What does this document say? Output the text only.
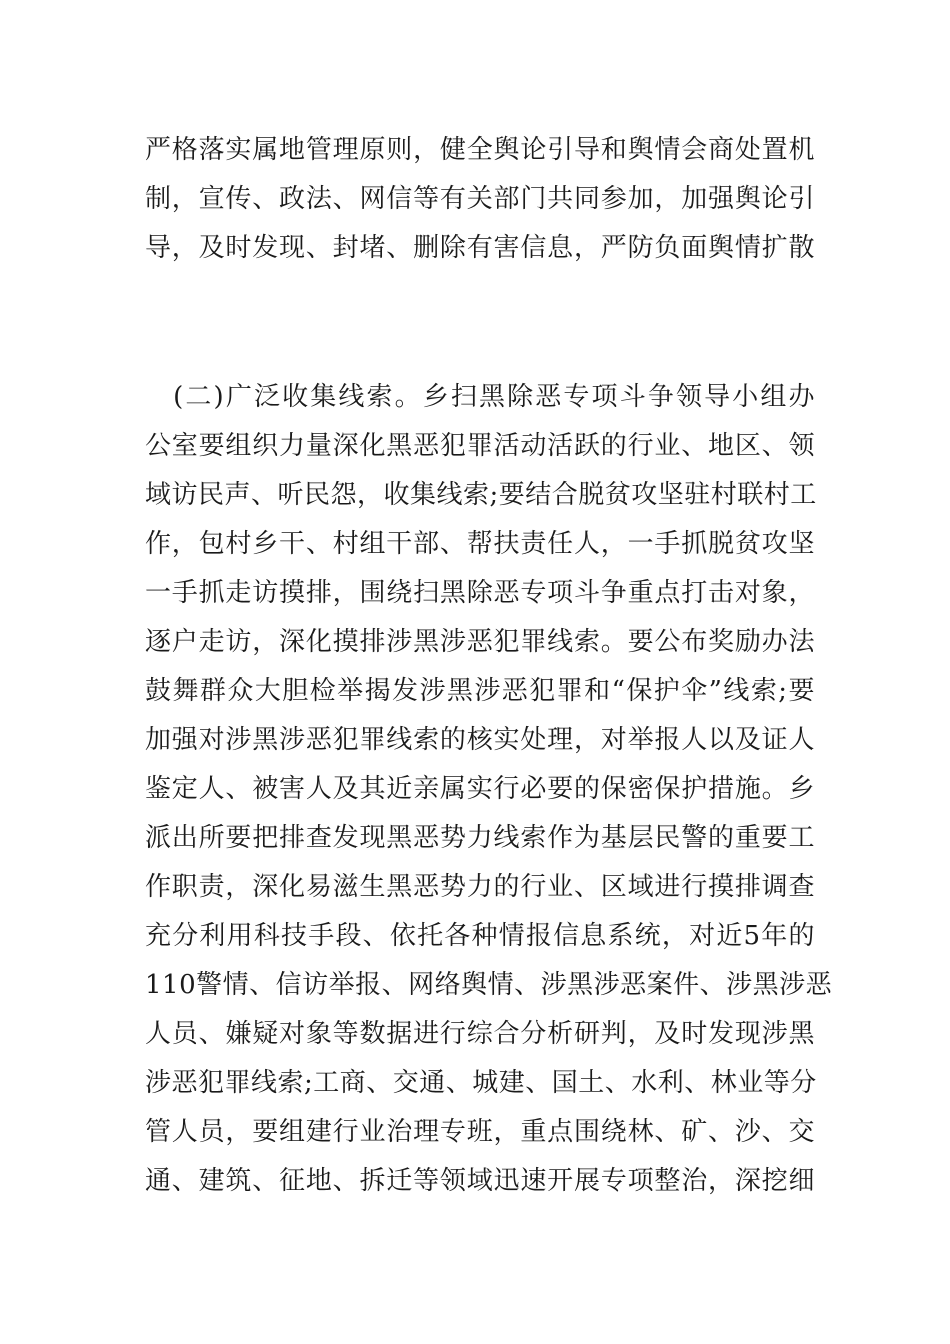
严格落实属地管理原则，健全舆论引导和舆情会商处置机
制，宣传、政法、网信等有关部门共同参加，加强舆论引
导，及时发现、封堵、删除有害信息，严防负面舆情扩散
　(二)广泛收集线索。乡扫黑除恶专项斗争领导小组办
公室要组织力量深化黑恶犯罪活动活跃的行业、地区、领
域访民声、听民怨，收集线索;要结合脱贫攻坚驻村联村工
作，包村乡干、村组干部、帮扶责任人，一手抓脱贫攻坚
一手抓走访摸排，围绕扫黑除恶专项斗争重点打击对象，
逐户走访，深化摸排涉黑涉恶犯罪线索。要公布奖励办法
鼓舞群众大胆检举揭发涉黑涉恶犯罪和“保护伞”线索;要
加强对涉黑涉恶犯罪线索的核实处理，对举报人以及证人
鉴定人、被害人及其近亲属实行必要的保密保护措施。乡
派出所要把排查发现黑恶势力线索作为基层民警的重要工
作职责，深化易滋生黑恶势力的行业、区域进行摸排调查
充分利用科技手段、依托各种情报信息系统，对近5年的
110警情、信访举报、网络舆情、涉黑涉恶案件、涉黑涉恶
人员、嫌疑对象等数据进行综合分析研判，及时发现涉黑
涉恶犯罪线索;工商、交通、城建、国土、水利、林业等分
管人员，要组建行业治理专班，重点围绕林、矿、沙、交
通、建筑、征地、拆迁等领域迅速开展专项整治，深挖细
